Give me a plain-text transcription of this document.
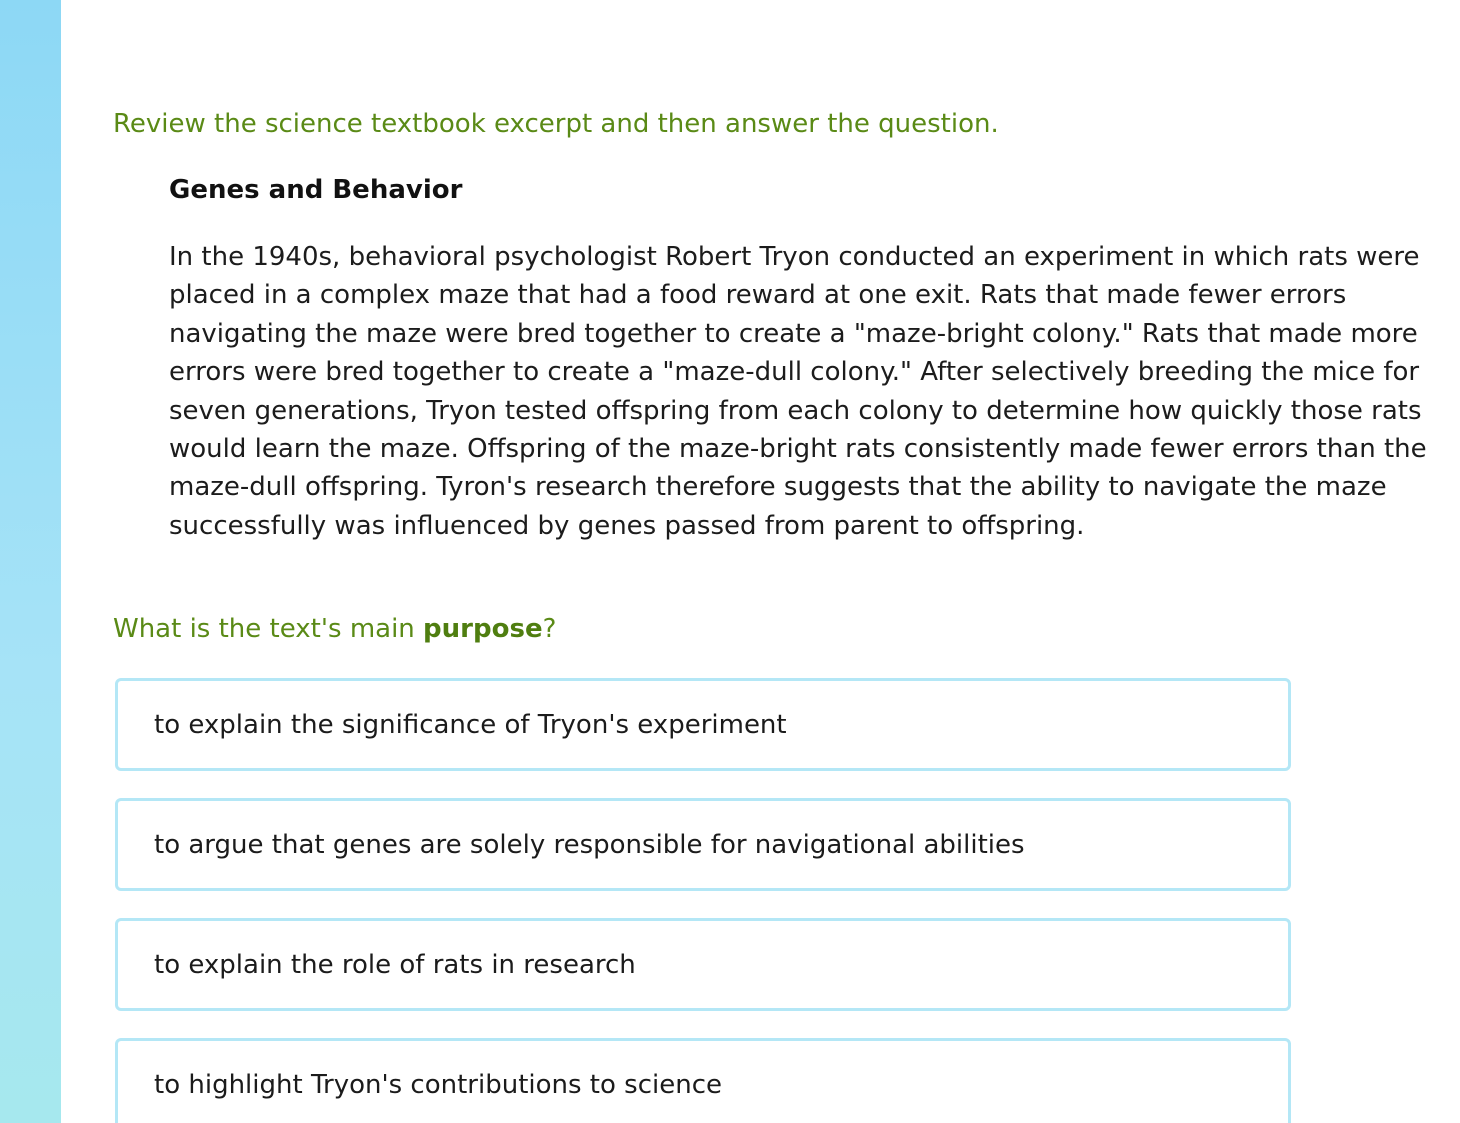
Review the science textbook excerpt and then answer the question.

Genes and Behavior

In the 1940s, behavioral psychologist Robert Tryon conducted an experiment in which rats were placed in a complex maze that had a food reward at one exit. Rats that made fewer errors navigating the maze were bred together to create a "maze-bright colony." Rats that made more errors were bred together to create a "maze-dull colony." After selectively breeding the mice for seven generations, Tryon tested offspring from each colony to determine how quickly those rats would learn the maze. Offspring of the maze-bright rats consistently made fewer errors than the maze-dull offspring. Tyron's research therefore suggests that the ability to navigate the maze successfully was influenced by genes passed from parent to offspring.

What is the text's main purpose?

to explain the significance of Tryon's experiment
to argue that genes are solely responsible for navigational abilities
to explain the role of rats in research
to highlight Tryon's contributions to science
